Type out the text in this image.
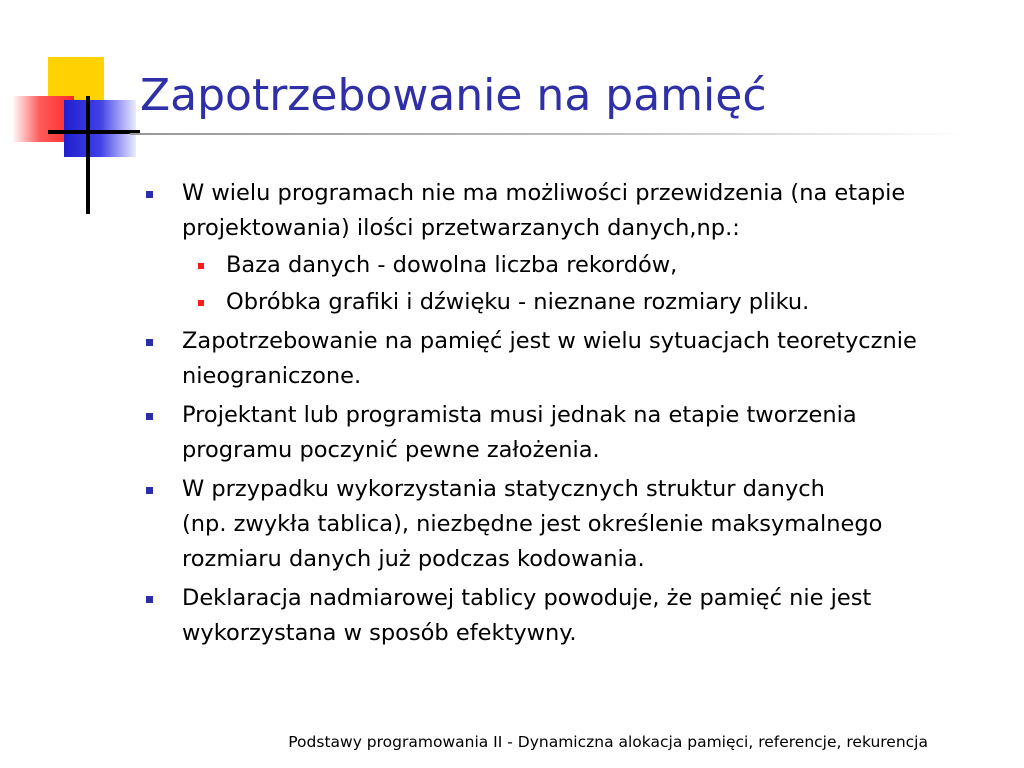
Zapotrzebowanie na pamięć
W wielu programach nie ma możliwości przewidzenia (na etapie
projektowania) ilości przetwarzanych danych,np.:
Baza danych - dowolna liczba rekordów,
Obróbka grafiki i dźwięku - nieznane rozmiary pliku.
Zapotrzebowanie na pamięć jest w wielu sytuacjach teoretycznie
nieograniczone.
Projektant lub programista musi jednak na etapie tworzenia
programu poczynić pewne założenia.
W przypadku wykorzystania statycznych struktur danych
(np. zwykła tablica), niezbędne jest określenie maksymalnego
rozmiaru danych już podczas kodowania.
Deklaracja nadmiarowej tablicy powoduje, że pamięć nie jest
wykorzystana w sposób efektywny.
Podstawy programowania II - Dynamiczna alokacja pamięci, referencje, rekurencja
